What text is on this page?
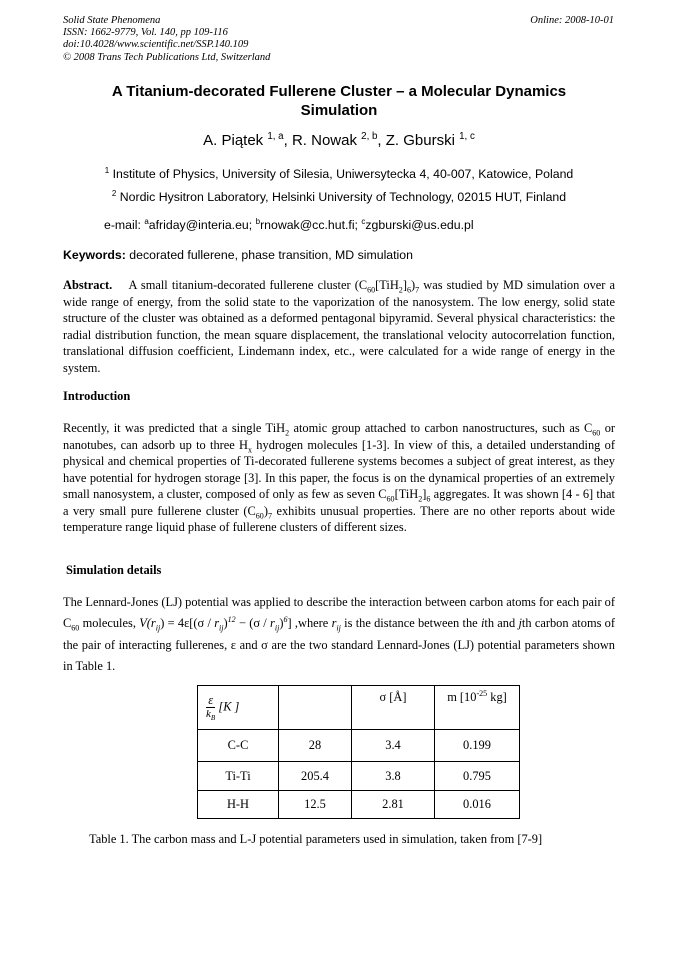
Solid State Phenomena
ISSN: 1662-9779, Vol. 140, pp 109-116
doi:10.4028/www.scientific.net/SSP.140.109
© 2008 Trans Tech Publications Ltd, Switzerland
Online: 2008-10-01
A Titanium-decorated Fullerene Cluster – a Molecular Dynamics
Simulation
A. Piątek $^{1, a}$, R. Nowak $^{2, b}$, Z. Gburski $^{1, c}$
$^1$ Institute of Physics, University of Silesia, Uniwersytecka 4, 40-007, Katowice, Poland
$^2$ Nordic Hysitron Laboratory, Helsinki University of Technology, 02015 HUT, Finland
e-mail: $^a$afriday@interia.eu; $^b$rnowak@cc.hut.fi; $^c$zgburski@us.edu.pl
Keywords: decorated fullerene, phase transition, MD simulation
Abstract. A small titanium-decorated fullerene cluster $(C_{60}[TiH_2]_6)_7$ was studied by MD simulation over a wide range of energy, from the solid state to the vaporization of the nanosystem. The low energy, solid state structure of the cluster was obtained as a deformed pentagonal bipyramid. Several physical characteristics: the radial distribution function, the mean square displacement, the translational velocity autocorrelation function, translational diffusion coefficient, Lindemann index, etc., were calculated for a wide range of energy in the system.
Introduction
Recently, it was predicted that a single TiH$_2$ atomic group attached to carbon nanostructures, such as $C_{60}$ or nanotubes, can adsorb up to three $H_x$ hydrogen molecules [1-3]. In view of this, a detailed understanding of physical and chemical properties of Ti-decorated fullerene systems becomes a subject of great interest, as they have potential for hydrogen storage [3]. In this paper, the focus is on the dynamical properties of an extremely small nanosystem, a cluster, composed of only as few as seven $C_{60}[TiH_2]_6$ aggregates. It was shown [4 - 6] that a very small pure fullerene cluster $(C_{60})_7$ exhibits unusual properties. There are no other reports about wide temperature range liquid phase of fullerene clusters of different sizes.
Simulation details
The Lennard-Jones (LJ) potential was applied to describe the interaction between carbon atoms for each pair of $C_{60}$ molecules, $V(r_{ij}) = 4\varepsilon[(\sigma / r_{ij})^{12} - (\sigma / r_{ij})^6]$ ,where $r_{ij}$ is the distance between the ith and jth carbon atoms of the pair of interacting fullerenes, ε and σ are the two standard Lennard-Jones (LJ) potential parameters shown in Table 1.
$\frac{\varepsilon}{k_B} [K$ ]		σ [Å]	m [$10^{-25}$ kg]
C-C	28	3.4	0.199
Ti-Ti	205.4	3.8	0.795
H-H	12.5	2.81	0.016
Table 1. The carbon mass and L-J potential parameters used in simulation, taken from [7-9]
